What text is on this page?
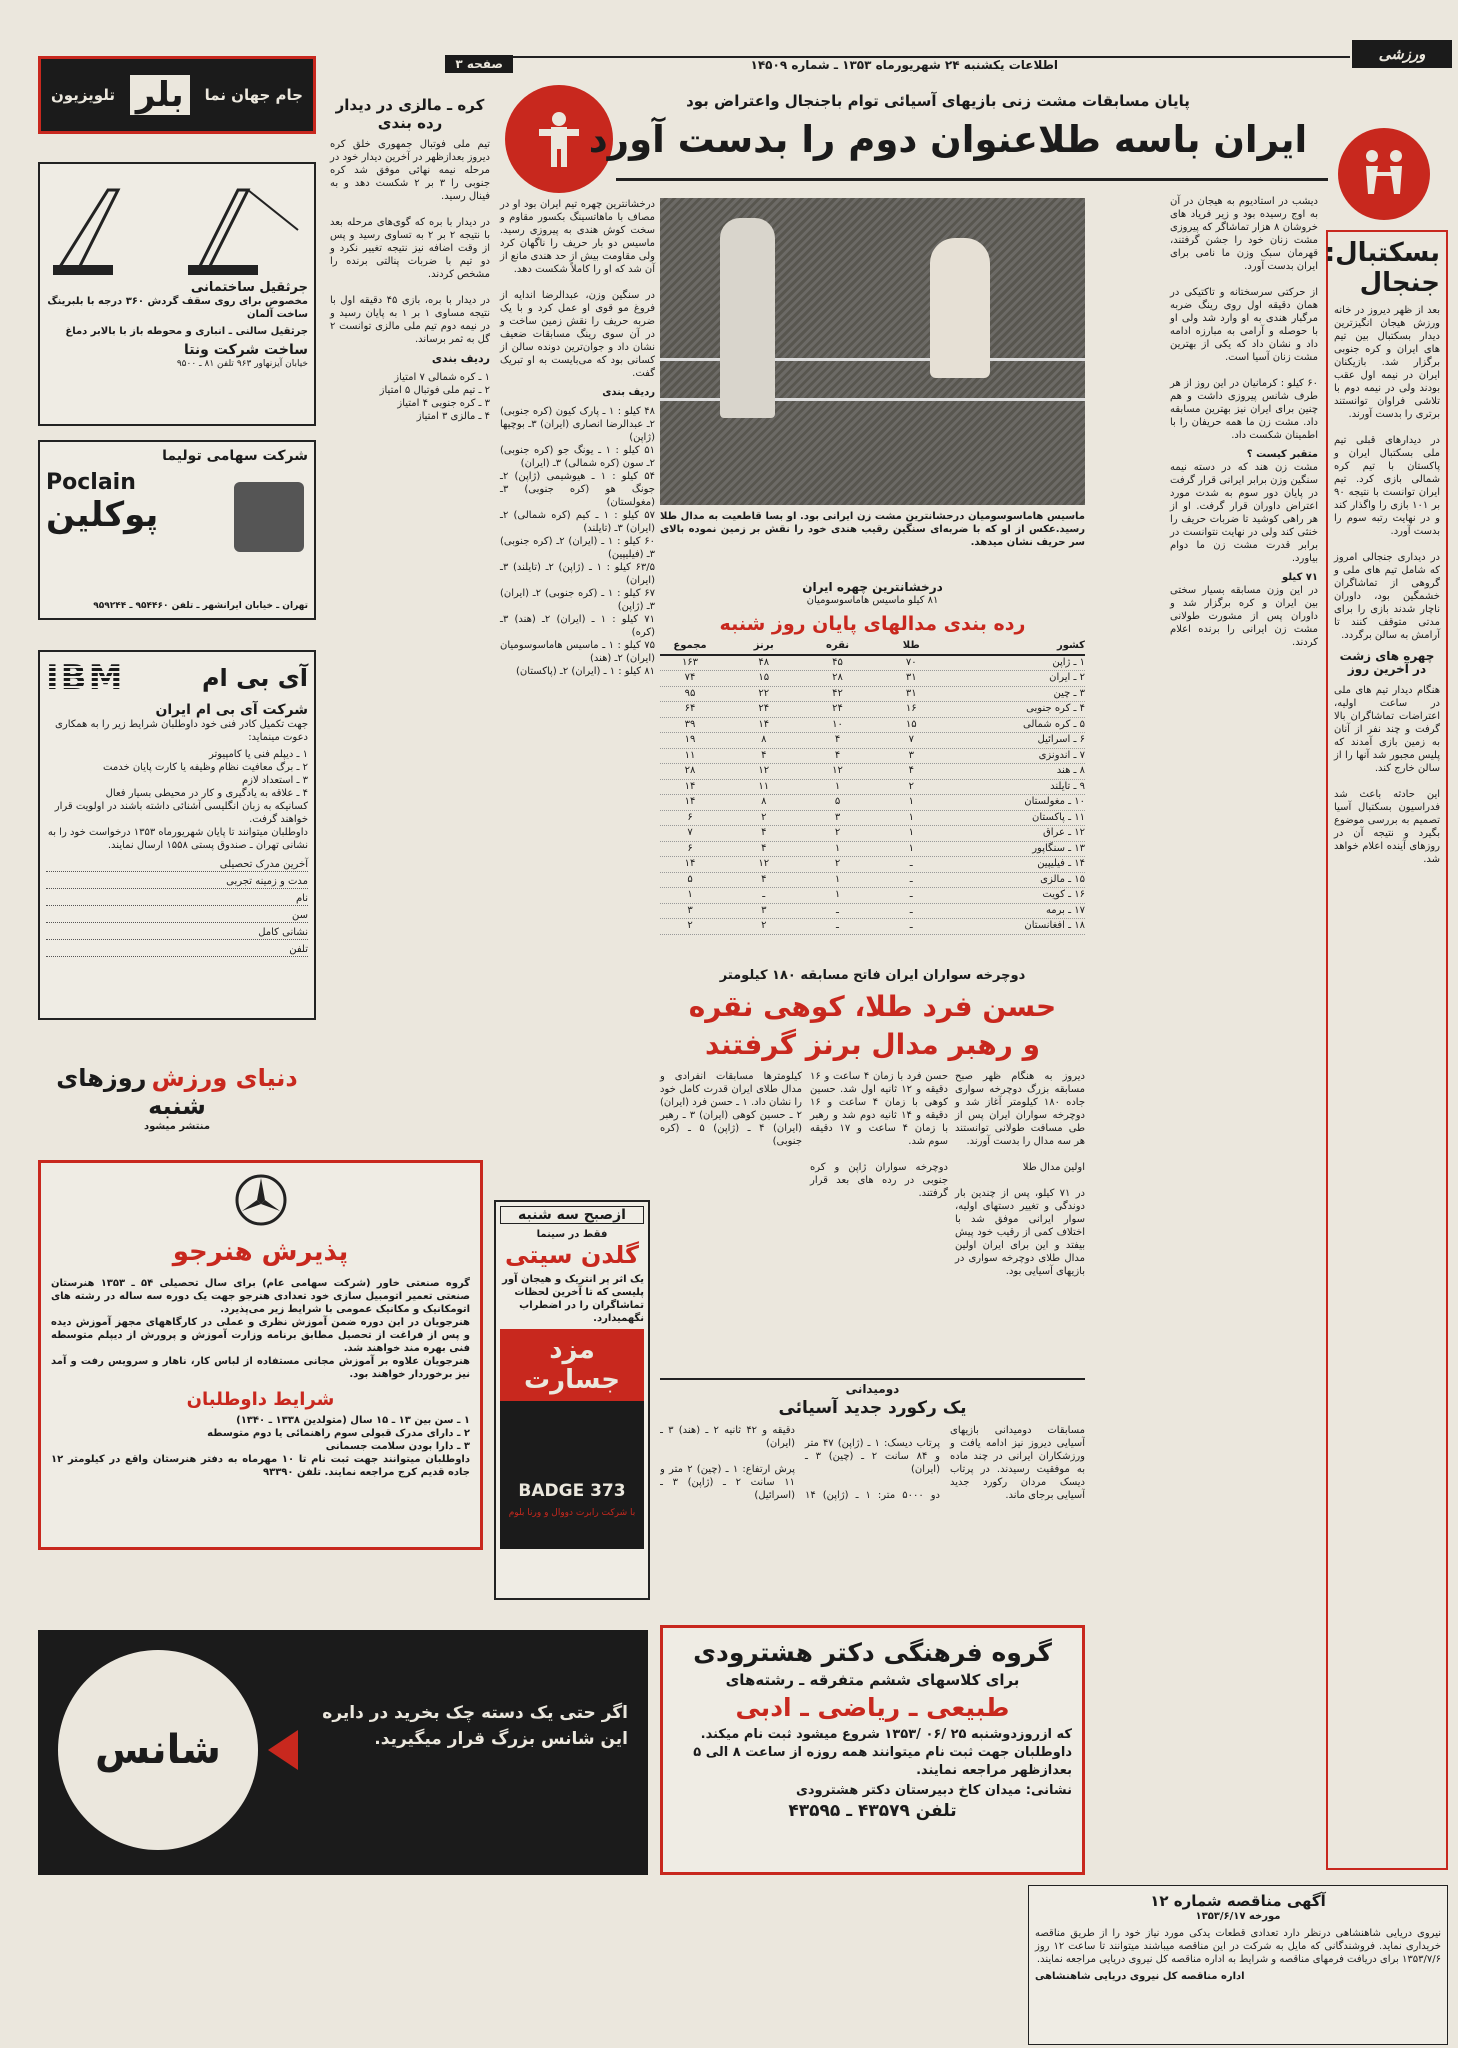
ورزشی
اطلاعات یکشنبه ۲۴ شهریورماه ۱۳۵۳ ـ شماره ۱۴۵۰۹
صفحه ۳
جام جهان نما
بلر
تلویزیون	پایان مسابقات مشت زنی بازیهای آسیائی توام باجنجال واعتراض بود
ایران باسه طلاعنوان دوم را بدست آورد
بسکتبال:
جنجال
بعد از ظهر دیروز در خانه ورزش هیجان انگیزترین دیدار بسکتبال بین تیم های ایران و کره جنوبی برگزار شد. بازیکنان ایران در نیمه اول عقب بودند ولی در نیمه دوم با تلاشی فراوان توانستند برتری را بدست آورند.

در دیدارهای قبلی تیم ملی بسکتبال ایران و پاکستان با تیم کره شمالی بازی کرد. تیم ایران توانست با نتیجه ۹۰ بر ۱۰۱ بازی را واگذار کند و در نهایت رتبه سوم را بدست آورد.

در دیداری جنجالی امروز که شامل تیم های ملی و گروهی از تماشاگران خشمگین بود، داوران ناچار شدند بازی را برای مدتی متوقف کنند تا آرامش به سالن برگردد.
چهره های زشت در آخرین روز
هنگام دیدار تیم های ملی در ساعت اولیه، اعتراضات تماشاگران بالا گرفت و چند نفر از آنان به زمین بازی آمدند که پلیس مجبور شد آنها را از سالن خارج کند.

این حادثه باعث شد فدراسیون بسکتبال آسیا تصمیم به بررسی موضوع بگیرد و نتیجه آن در روزهای آینده اعلام خواهد شد.
دیشب در استادیوم به هیجان در آن به اوج رسیده بود و زیر فریاد های خروشان ۸ هزار تماشاگر که پیروزی مشت زنان خود را جشن گرفتند، قهرمان سبک وزن ما نامی برای ایران بدست آورد.

از حرکتی سرسختانه و تاکتیکی در همان دقیقه اول روی رینگ ضربه مرگبار هندی به او وارد شد ولی او با حوصله و آرامی به مبارزه ادامه داد و نشان داد که یکی از بهترین مشت زنان آسیا است.

۶۰ کیلو : کرمانیان در این روز از هر طرف شانس پیروزی داشت و هم چنین برای ایران نیز بهترین مسابقه داد. مشت زن ما همه حریفان را با اطمینان شکست داد.
متقبر کیست ؟
مشت زن هند که در دسته نیمه سنگین وزن برابر ایرانی قرار گرفت در پایان دور سوم به شدت مورد اعتراض داوران قرار گرفت. او از هر راهی کوشید تا ضربات حریف را خنثی کند ولی در نهایت نتوانست در برابر قدرت مشت زن ما دوام بیاورد.
۷۱ کیلو
در این وزن مسابقه بسیار سختی بین ایران و کره برگزار شد و داوران پس از مشورت طولانی مشت زن ایرانی را برنده اعلام کردند.
ماسیس هاماسوسومیان درحشانترین مشت زن ایرانی بود. او بسا قاطعیت به مدال طلا رسید.عکس از او که با ضربه‌ای سنگین رقیب هندی خود را نقش بر زمین نموده بالای سر حریف نشان میدهد.
درخشانترین چهره تیم ایران بود او در مصاف با ماهاتسینگ بکسور مقاوم و سخت کوش هندی به پیروزی رسید. ماسیس دو بار حریف را ناگهان کرد ولی مقاومت بیش از حد هندی مانع از آن شد که او را کاملاً شکست دهد.

در سنگین وزن، عبدالرضا اندایه از فروغ مو قوی او عمل کرد و با یک ضربه حریف را نقش زمین ساخت و در آن سوی رینگ مسابقات ضعیف نشان داد و جوان‌ترین دونده سالن از کسانی بود که می‌بایست به او تبریک گفت.
ردیف بندی
۴۸ کیلو : ۱ ـ پارک کیون (کره جنوبی) ۲ـ عبدالرضا انصاری (ایران) ۳ـ بوچیها (ژاپن)
۵۱ کیلو : ۱ ـ یونگ جو (کره جنوبی) ۲ـ سون (کره شمالی) ۳ـ (ایران)
۵۴ کیلو : ۱ ـ هیوشیمی (ژاپن) ۲ـ جونگ هو (کره جنوبی) ۳ـ (مغولستان)
۵۷ کیلو : ۱ ـ کیم (کره شمالی) ۲ـ (ایران) ۳ـ (تایلند)
۶۰ کیلو : ۱ ـ (ایران) ۲ـ (کره جنوبی) ۳ـ (فیلیپین)
۶۳/۵ کیلو : ۱ ـ (ژاپن) ۲ـ (تایلند) ۳ـ (ایران)
۶۷ کیلو : ۱ ـ (کره جنوبی) ۲ـ (ایران) ۳ـ (ژاپن)
۷۱ کیلو : ۱ ـ (ایران) ۲ـ (هند) ۳ـ (کره)
۷۵ کیلو : ۱ ـ ماسیس هاماسوسومیان (ایران) ۲ـ (هند)
۸۱ کیلو : ۱ ـ (ایران) ۲ـ (پاکستان)
درخشانترین چهره ایران
۸۱ کیلو ماسیس هاماسوسومیان
رده بندی مدالهای پایان روز شنبه
کشور
طلا
نقره
برنز
مجموع
۱ ـ ژاپن
۷۰
۴۵
۴۸
۱۶۳
۲ ـ ایران
۳۱
۲۸
۱۵
۷۴
۳ ـ چین
۳۱
۴۲
۲۲
۹۵
۴ ـ کره جنوبی
۱۶
۲۴
۲۴
۶۴
۵ ـ کره شمالی
۱۵
۱۰
۱۴
۳۹
۶ ـ اسرائیل
۷
۴
۸
۱۹
۷ ـ اندونزی
۳
۴
۴
۱۱
۸ ـ هند
۴
۱۲
۱۲
۲۸
۹ ـ تایلند
۲
۱
۱۱
۱۴
۱۰ ـ مغولستان
۱
۵
۸
۱۴
۱۱ ـ پاکستان
۱
۳
۲
۶
۱۲ ـ عراق
۱
۲
۴
۷
۱۳ ـ سنگاپور
۱
۱
۴
۶
۱۴ ـ فیلیپین
ـ
۲
۱۲
۱۴
۱۵ ـ مالزی
ـ
۱
۴
۵
۱۶ ـ کویت
ـ
۱
ـ
۱
۱۷ ـ برمه
ـ
ـ
۳
۳
۱۸ ـ افغانستان
ـ
ـ
۲
۲
دوچرخه سواران ایران فاتح مسابقه ۱۸۰ کیلومتر
حسن فرد طلا، کوهی نقره
و رهبر مدال برنز گرفتند
دیروز به هنگام ظهر صبح مسابقه بزرگ دوچرخه سواری جاده ۱۸۰ کیلومتر آغاز شد و دوچرخه سواران ایران پس از طی مسافت طولانی توانستند هر سه مدال را بدست آورند.

اولین مدال طلا

در ۷۱ کیلو، پس از چندین بار دوندگی و تغییر دستهای اولیه، سوار ایرانی موفق شد با اختلاف کمی از رقیب خود پیش بیفتد و این برای ایران اولین مدال طلای دوچرخه سواری در بازیهای آسیایی بود.
حسن فرد با زمان ۴ ساعت و ۱۶ دقیقه و ۱۲ ثانیه اول شد. حسین کوهی با زمان ۴ ساعت و ۱۶ دقیقه و ۱۴ ثانیه دوم شد و رهبر با زمان ۴ ساعت و ۱۷ دقیقه سوم شد.

دوچرخه سواران ژاپن و کره جنوبی در رده های بعد قرار گرفتند.
کیلومترها مسابقات انفرادی و مدال طلای ایران قدرت کامل خود را نشان داد. ۱ ـ حسن فرد (ایران) ۲ ـ حسین کوهی (ایران) ۳ ـ رهبر (ایران) ۴ ـ (ژاپن) ۵ ـ (کره جنوبی)
دومیدانی
یک رکورد جدید آسیائی
مسابقات دومیدانی بازیهای آسیایی دیروز نیز ادامه یافت و ورزشکاران ایرانی در چند ماده به موفقیت رسیدند. در پرتاب دیسک مردان رکورد جدید آسیایی برجای ماند.

پرتاب دیسک: ۱ ـ (ژاپن) ۴۷ متر و ۸۴ سانت ۲ ـ (چین) ۳ ـ (ایران)

دو ۵۰۰۰ متر: ۱ ـ (ژاپن) ۱۴ دقیقه و ۴۲ ثانیه ۲ ـ (هند) ۳ ـ (ایران)

پرش ارتفاع: ۱ ـ (چین) ۲ متر و ۱۱ سانت ۲ ـ (ژاپن) ۳ ـ (اسرائیل)
کره ـ مالزی در دیدار
رده بندی
تیم ملی فوتبال جمهوری خلق کره دیروز بعدازظهر در آخرین دیدار خود در مرحله نیمه نهائی موفق شد کره جنوبی را ۳ بر ۲ شکست دهد و به فینال رسید.

در دیدار با بره که گوی‌های مرحله بعد با نتیجه ۲ بر ۲ به تساوی رسید و پس از وقت اضافه نیز نتیجه تغییر نکرد و دو تیم با ضربات پنالتی برنده را مشخص کردند.

در دیدار با بره، بازی ۴۵ دقیقه اول با نتیجه مساوی ۱ بر ۱ به پایان رسید و در نیمه دوم تیم ملی مالزی توانست ۲ گل به ثمر برساند.
ردیف بندی
۱ ـ کره شمالی ۷ امتیاز
۲ ـ تیم ملی فوتبال ۵ امتیاز
۳ ـ کره جنوبی ۴ امتیاز
۴ ـ مالزی ۳ امتیاز
جرثقیل ساختمانی
مخصوص برای روی سقف گردش ۳۶۰ درجه با بلبرینگ ساخت آلمان
جرثقیل سالنی ـ انباری و محوطه باز با بالابر دماغ
ساخت شرکت ونتا
خیابان آیزنهاور ۹۶۳ تلفن ۸۱ ـ ۹۵۰۰
شرکت سهامی تولیما
Poclain
پوکلین
تهران ـ خیابان ایرانشهر ـ تلفن ۹۵۴۴۶۰ ـ ۹۵۹۲۴۴
آی بی ام
IBM
شرکت آی بی ام ایران
جهت تکمیل کادر فنی خود داوطلبان شرایط زیر را به همکاری دعوت مینماید:
۱ ـ دیپلم فنی یا کامپیوتر
۲ ـ برگ معافیت نظام وظیفه یا کارت پایان خدمت
۳ ـ استعداد لازم
۴ ـ علاقه به یادگیری و کار در محیطی بسیار فعال
کسانیکه به زبان انگلیسی آشنائی داشته باشند در اولویت قرار خواهند گرفت.
داوطلبان میتوانند تا پایان شهریورماه ۱۳۵۳ درخواست خود را به نشانی تهران ـ صندوق پستی ۱۵۵۸ ارسال نمایند.
آخرین مدرک تحصیلی
مدت و زمینه تجربی
نام
سن
نشانی کامل
تلفن
دنیای ورزش روزهای شنبه
منتشر میشود
پذیرش هنرجو
گروه صنعتی خاور (شرکت سهامی عام) برای سال تحصیلی ۵۴ ـ ۱۳۵۳ هنرستان صنعتی تعمیر اتومبیل سازی خود تعدادی هنرجو جهت یک دوره سه ساله در رشته های اتومکانیک و مکانیک عمومی با شرایط زیر می‌پذیرد.
هنرجویان در این دوره ضمن آموزش نظری و عملی در کارگاههای مجهز آموزش دیده و پس از فراغت از تحصیل مطابق برنامه وزارت آموزش و پرورش از دیپلم متوسطه فنی بهره مند خواهند شد.
هنرجویان علاوه بر آموزش مجانی مستفاده از لباس کار، ناهار و سرویس رفت و آمد نیز برخوردار خواهند بود.
شرایط داوطلبان
۱ ـ سن بین ۱۳ ـ ۱۵ سال (متولدین ۱۳۳۸ ـ ۱۳۴۰)
۲ ـ دارای مدرک قبولی سوم راهنمائی یا دوم متوسطه
۳ ـ دارا بودن سلامت جسمانی
داوطلبان میتوانند جهت ثبت نام تا ۱۰ مهرماه به دفتر هنرستان واقع در کیلومتر ۱۲ جاده قدیم کرج مراجعه نمایند. تلفن ۹۳۳۹۰
ازصبح سه شنبه
فقط در سینما
گلدن سیتی
یک اثر پر انتریک و هیجان آور پلیسی که تا آخرین لحظات تماشاگران را در اضطراب نگهمیدارد.
مزد جسارت
BADGE 373
با شرکت رابرت دووال و ورنا بلوم
گروه فرهنگی دکتر هشترودی
برای کلاسهای ششم متفرقه ـ رشته‌های
طبیعی ـ ریاضی ـ ادبی
که ازروزدوشنبه ۲۵ /۰۶ /۱۳۵۳ شروع میشود ثبت نام میکند. داوطلبان جهت ثبت نام میتوانند همه روزه از ساعت ۸ الی ۵ بعدازظهر مراجعه نمایند.
نشانی: میدان کاخ دبیرستان دکتر هشترودی
تلفن ۴۳۵۷۹ ـ ۴۳۵۹۵
شانس
اگر حتی یک دسته چک بخرید در دایره این شانس بزرگ قرار میگیرید.
آگهی مناقصه شماره ۱۲
مورخه ۱۳۵۳/۶/۱۷
نیروی دریایی شاهنشاهی درنظر دارد تعدادی قطعات یدکی مورد نیاز خود را از طریق مناقصه خریداری نماید. فروشندگانی که مایل به شرکت در این مناقصه میباشند میتوانند تا ساعت ۱۲ روز ۱۳۵۳/۷/۶ برای دریافت فرمهای مناقصه و شرایط به اداره مناقصه کل نیروی دریایی مراجعه نمایند.
اداره مناقصه کل نیروی دریایی شاهنشاهی
